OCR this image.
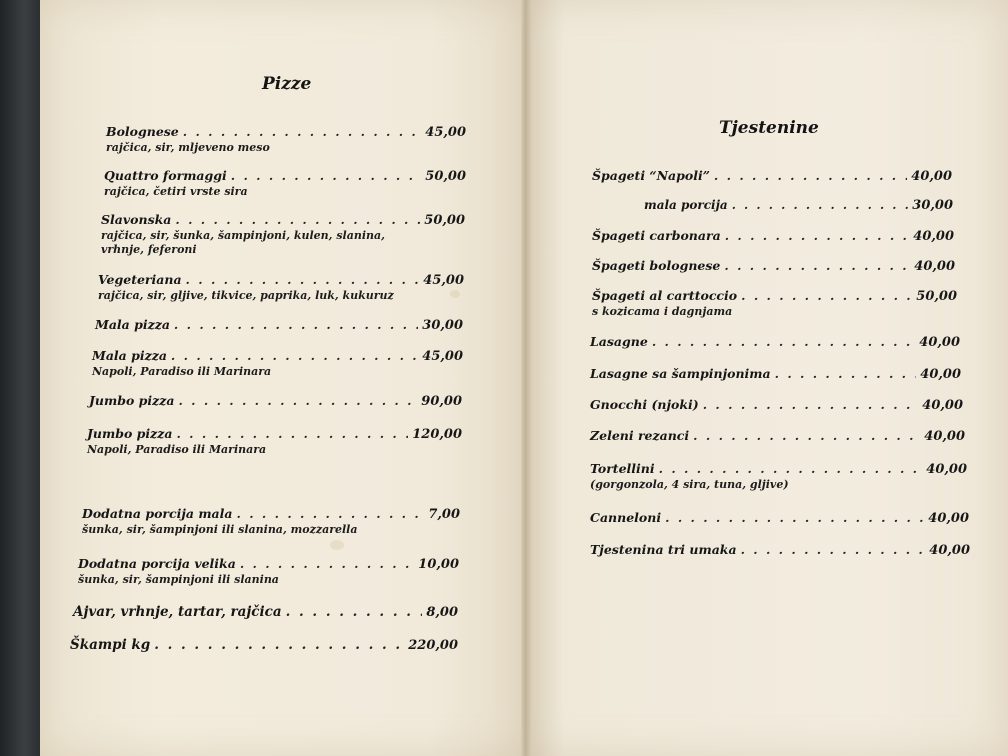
Pizze
Tjestenine
Bolognese . . .	45,00
rajčica, sir, mljeveno meso
Quattro formaggi . . .	50,00
rajčica, četiri vrste sira
Slavonska . . .	50,00
rajčica, sir, šunka, šampinjoni, kulen, slanina, vrhnje, feferoni
Vegeteriana . . .	45,00
rajčica, sir, gljive, tikvice, paprika, luk, kukuruz
Mala pizza . . .	30,00
Mala pizza . . .	45,00
Napoli, Paradiso ili Marinara
Jumbo pizza . . .	90,00
Jumbo pizza . . .	120,00
Napoli, Paradiso ili Marinara
Dodatna porcija mala . . .	7,00
šunka, sir, šampinjoni ili slanina, mozzarella
Dodatna porcija velika . . .	10,00
šunka, sir, šampinjoni ili slanina
Ajvar, vrhnje, tartar, rajčica . . .	8,00
Škampi kg . . .	220,00
Špageti “Napoli” . . .	40,00
mala porcija . . .	30,00
Špageti carbonara . . .	40,00
Špageti bolognese . . .	40,00
Špageti al carttoccio . . .	50,00
s kozicama i dagnjama
Lasagne . . .	40,00
Lasagne sa šampinjonima . . .	40,00
Gnocchi (njoki) . . .	40,00
Zeleni rezanci . . .	40,00
Tortellini . . .	40,00
(gorgonzola, 4 sira, tuna, gljive)
Canneloni . . .	40,00
Tjestenina tri umaka . . .	40,00
